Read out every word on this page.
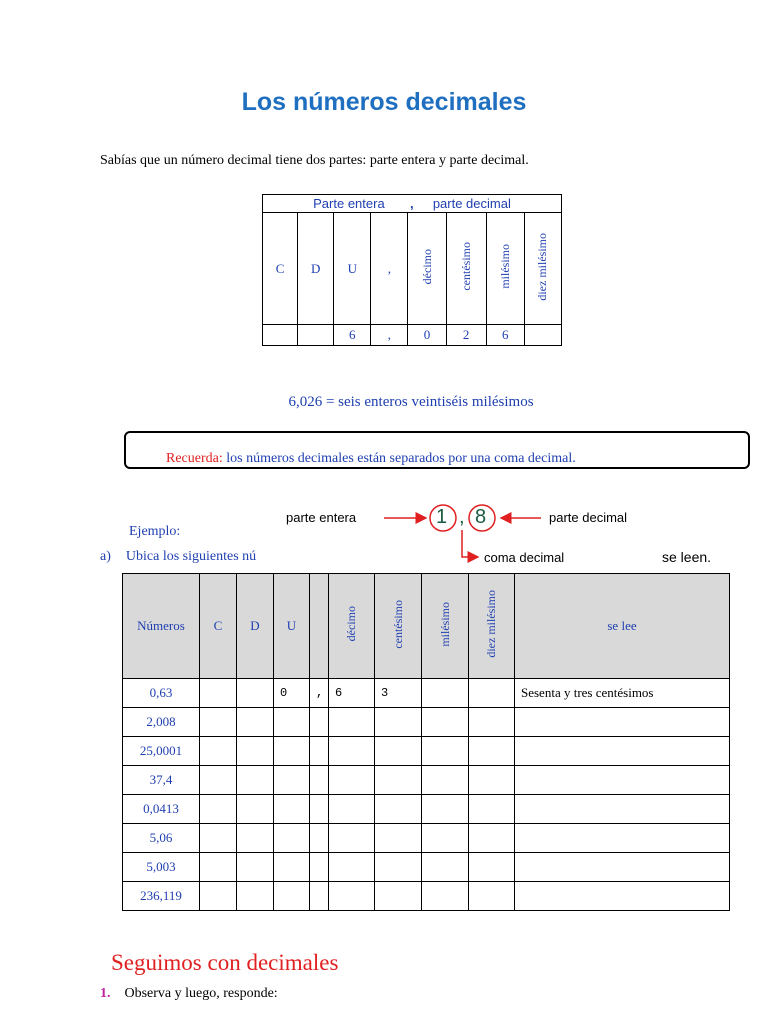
Los números decimales
Sabías que un número decimal tiene dos partes: parte entera y parte decimal.
Parte entera , parte decimal							
C	D	U	,	décimo	centésimo	milésimo	diez milésimo
		6	,	0	2	6	
6,026 = seis enteros veintiséis milésimos
Recuerda: los números decimales están separados por una coma decimal.
parte entera	1 , 8	parte decimal
coma decimal
Ejemplo:
a) Ubica los siguientes nú	se leen.
Números	C	D	U		décimo	centésimo	milésimo	diez milésimo	se lee
0,63			0	,	6	3			Sesenta y tres centésimos
2,008									
25,0001									
37,4									
0,0413									
5,06									
5,003									
236,119									
Seguimos con decimales
1. Observa y luego, responde:
